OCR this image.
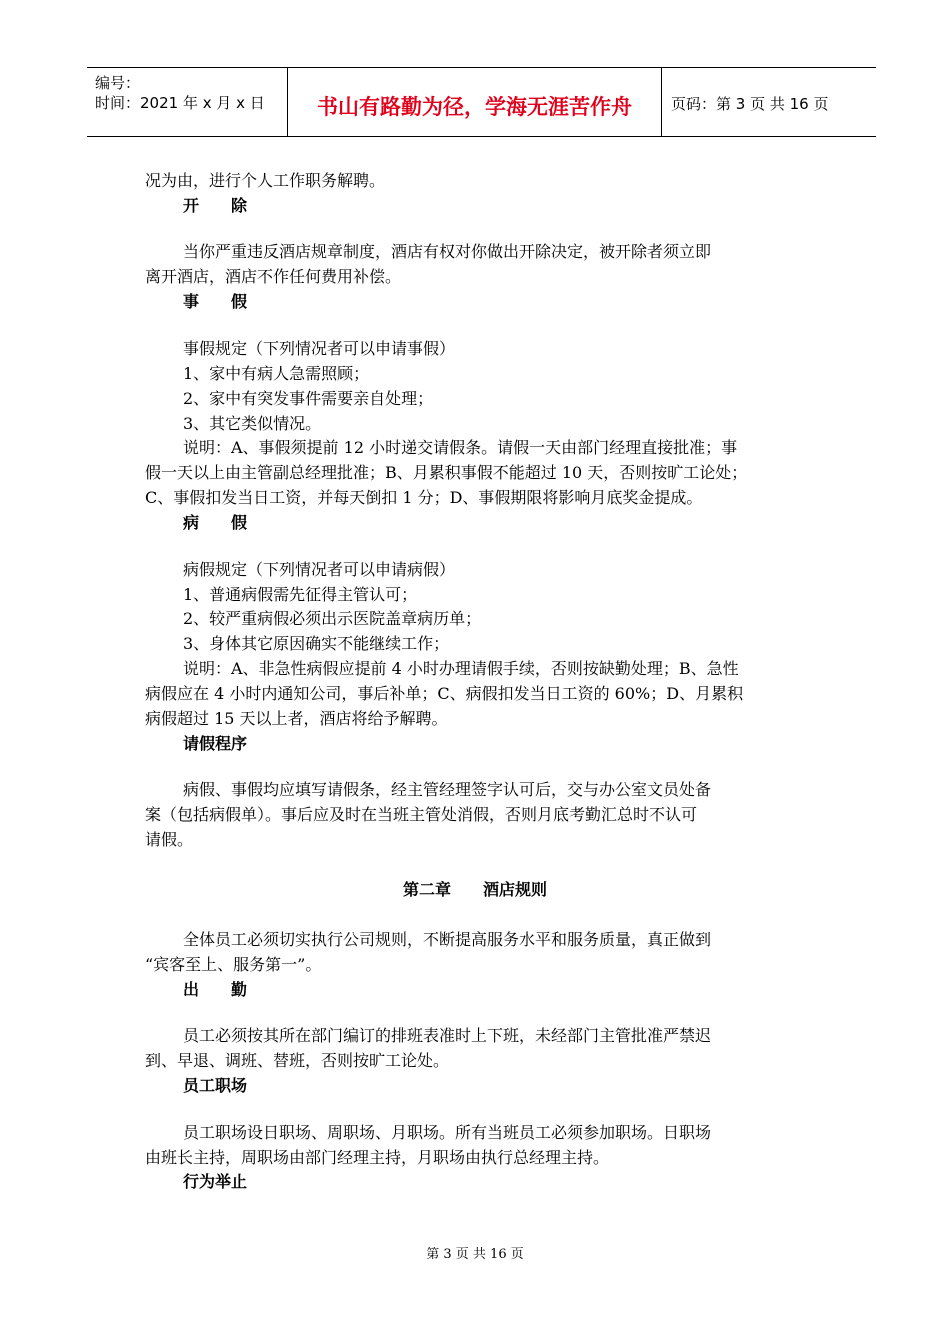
编号：
时间：2021 年 x 月 x 日	书山有路勤为径，学海无涯苦作舟	页码：第 3 页 共 16 页
况为由，进行个人工作职务解聘。
开　　除
当你严重违反酒店规章制度，酒店有权对你做出开除决定，被开除者须立即
离开酒店，酒店不作任何费用补偿。
事　　假
事假规定（下列情况者可以申请事假）
1、家中有病人急需照顾；
2、家中有突发事件需要亲自处理；
3、其它类似情况。
说明：A、事假须提前 12 小时递交请假条。请假一天由部门经理直接批准；事
假一天以上由主管副总经理批准；B、月累积事假不能超过 10 天，否则按旷工论处；
C、事假扣发当日工资，并每天倒扣 1 分；D、事假期限将影响月底奖金提成。
病　　假
病假规定（下列情况者可以申请病假）
1、普通病假需先征得主管认可；
2、较严重病假必须出示医院盖章病历单；
3、身体其它原因确实不能继续工作；
说明：A、非急性病假应提前 4 小时办理请假手续，否则按缺勤处理；B、急性
病假应在 4 小时内通知公司，事后补单；C、病假扣发当日工资的 60%；D、月累积
病假超过 15 天以上者，酒店将给予解聘。
请假程序
病假、事假均应填写请假条，经主管经理签字认可后，交与办公室文员处备
案（包括病假单）。事后应及时在当班主管处消假，否则月底考勤汇总时不认可
请假。
第二章　　酒店规则
全体员工必须切实执行公司规则，不断提高服务水平和服务质量，真正做到
“宾客至上、服务第一”。
出　　勤
员工必须按其所在部门编订的排班表准时上下班，未经部门主管批准严禁迟
到、早退、调班、替班，否则按旷工论处。
员工职场
员工职场设日职场、周职场、月职场。所有当班员工必须参加职场。日职场
由班长主持，周职场由部门经理主持，月职场由执行总经理主持。
行为举止
第 3 页 共 16 页
